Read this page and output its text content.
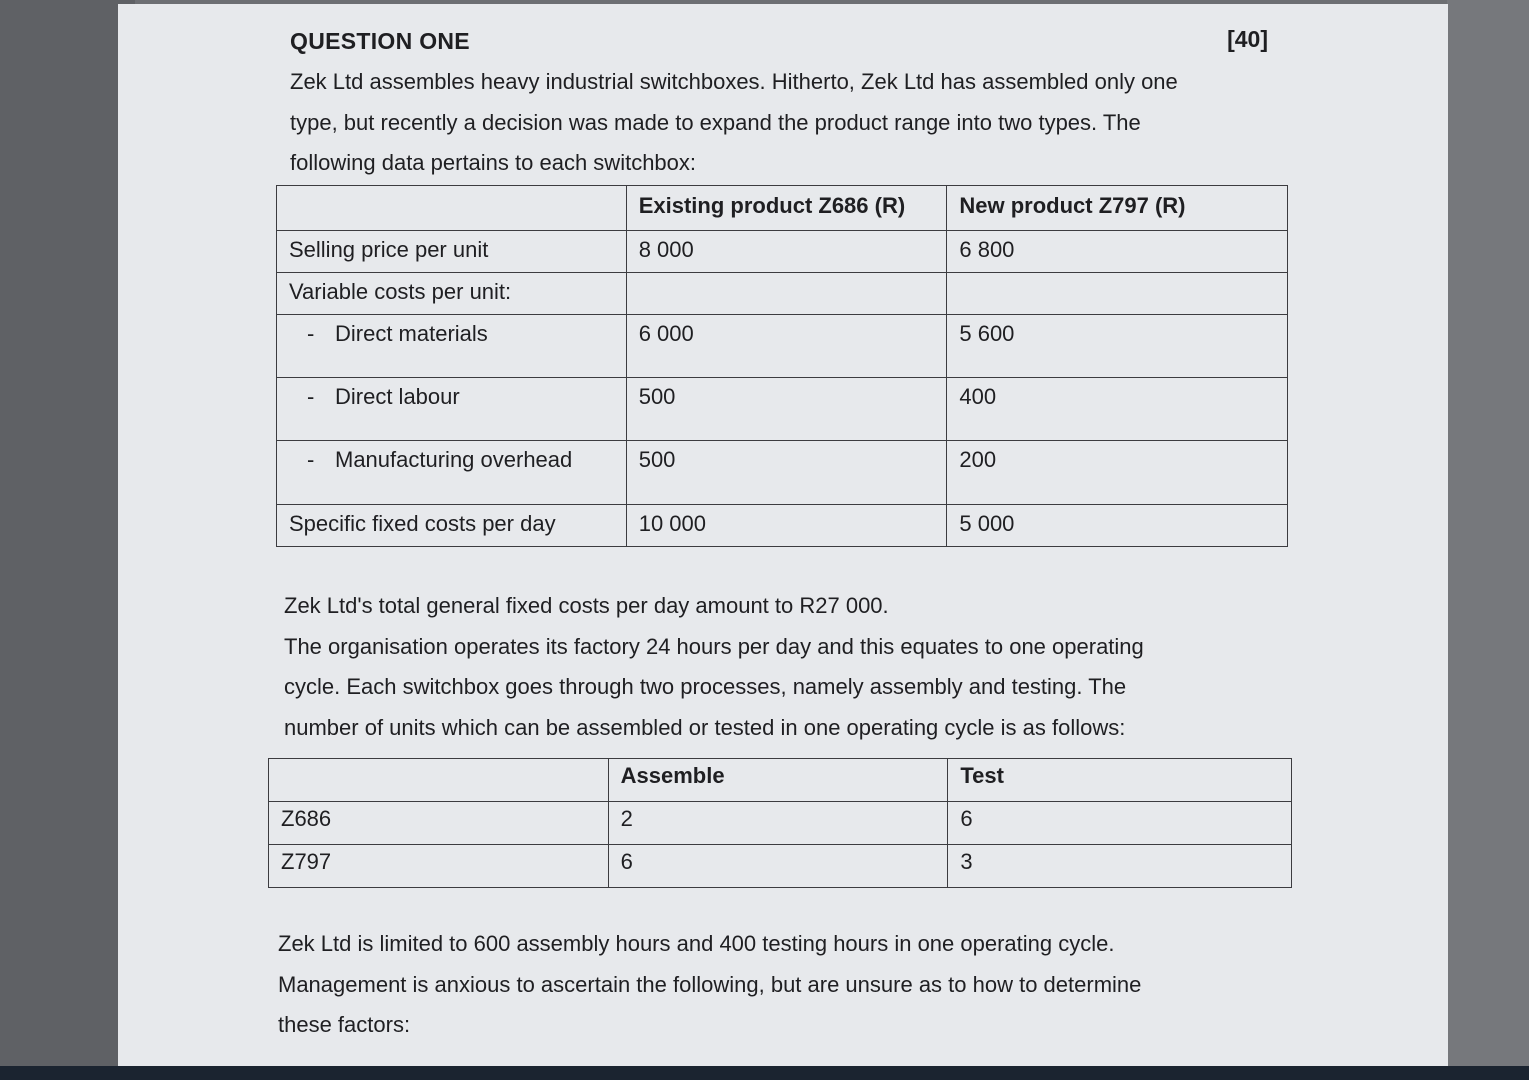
QUESTION ONE	[40]
Zek Ltd assembles heavy industrial switchboxes. Hitherto, Zek Ltd has assembled only one
type, but recently a decision was made to expand the product range into two types. The
following data pertains to each switchbox:
	Existing product Z686 (R)	New product Z797 (R)
Selling price per unit	8 000	6 800
Variable costs per unit:		
- Direct materials	6 000	5 600
- Direct labour	500	400
- Manufacturing overhead	500	200
Specific fixed costs per day	10 000	5 000
Zek Ltd's total general fixed costs per day amount to R27 000.
The organisation operates its factory 24 hours per day and this equates to one operating
cycle. Each switchbox goes through two processes, namely assembly and testing. The
number of units which can be assembled or tested in one operating cycle is as follows:
	Assemble	Test
Z686	2	6
Z797	6	3
Zek Ltd is limited to 600 assembly hours and 400 testing hours in one operating cycle.
Management is anxious to ascertain the following, but are unsure as to how to determine
these factors:
